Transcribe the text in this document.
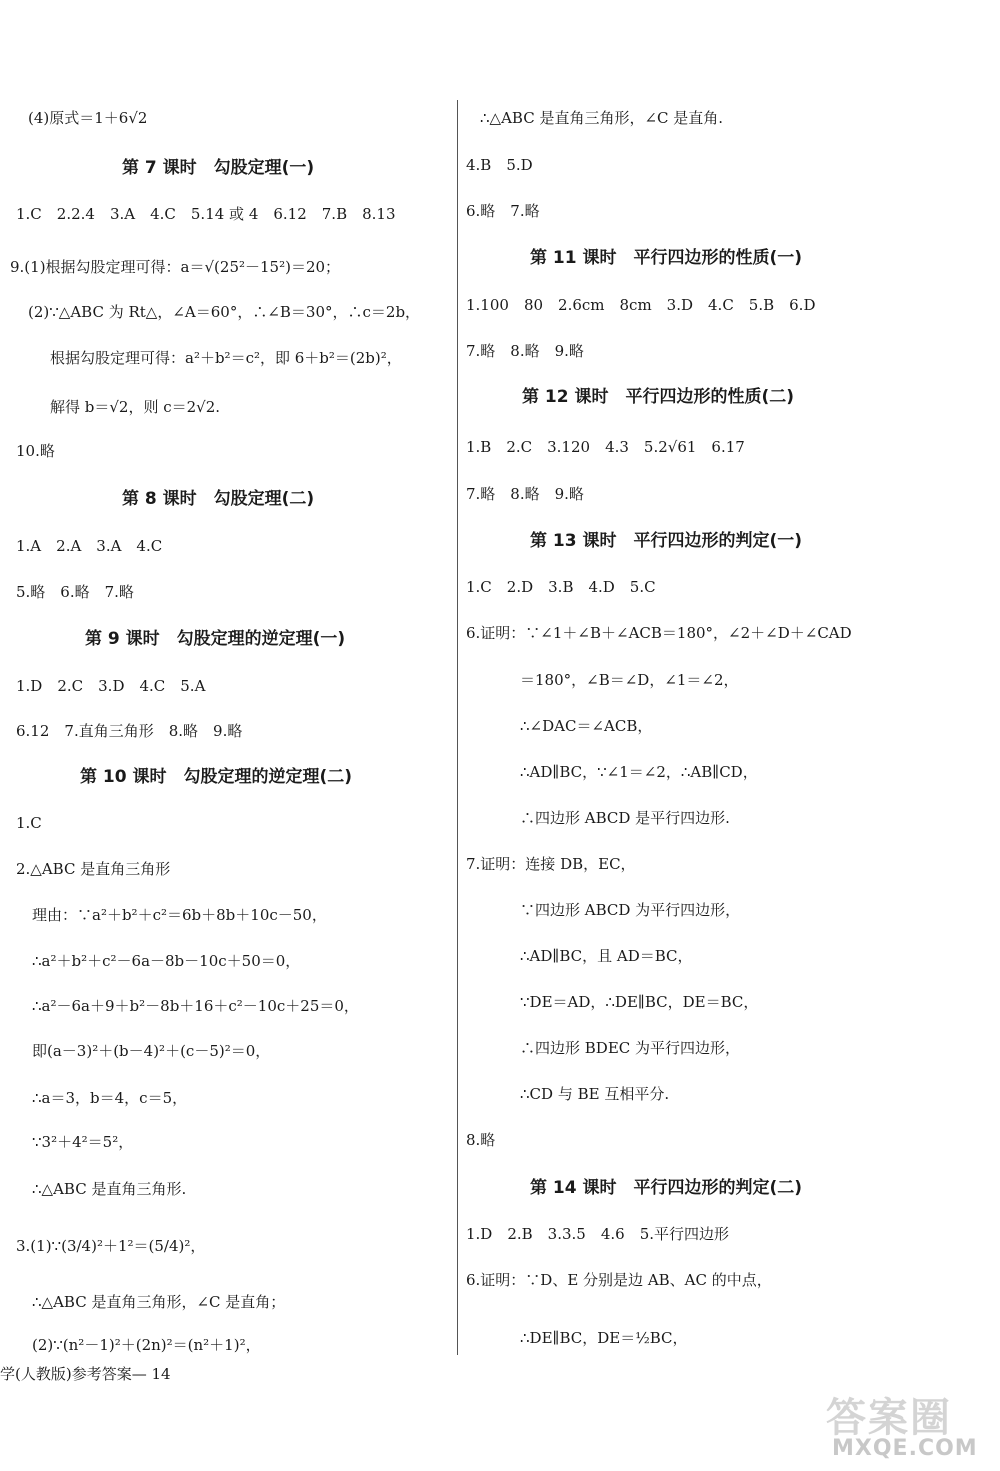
(4)原式＝1＋6√2
第 7 课时　勾股定理(一)
1.C　2.2.4　3.A　4.C　5.14 或 4　6.12　7.B　8.13
9.(1)根据勾股定理可得：a＝√(25²－15²)＝20；
(2)∵△ABC 为 Rt△，∠A＝60°，∴∠B＝30°，∴c＝2b，
根据勾股定理可得：a²＋b²＝c²，即 6＋b²＝(2b)²，
解得 b＝√2，则 c＝2√2.
10.略
第 8 课时　勾股定理(二)
1.A　2.A　3.A　4.C
5.略　6.略　7.略
第 9 课时　勾股定理的逆定理(一)
1.D　2.C　3.D　4.C　5.A
6.12　7.直角三角形　8.略　9.略
第 10 课时　勾股定理的逆定理(二)
1.C
2.△ABC 是直角三角形
理由：∵a²＋b²＋c²＝6b＋8b＋10c－50，
∴a²＋b²＋c²－6a－8b－10c＋50＝0，
∴a²－6a＋9＋b²－8b＋16＋c²－10c＋25＝0，
即(a－3)²＋(b－4)²＋(c－5)²＝0，
∴a＝3，b＝4，c＝5，
∵3²＋4²＝5²，
∴△ABC 是直角三角形.
3.(1)∵(3/4)²＋1²＝(5/4)²，
∴△ABC 是直角三角形，∠C 是直角；
(2)∵(n²－1)²＋(2n)²＝(n²＋1)²，
∴△ABC 是直角三角形，∠C 是直角.
4.B　5.D
6.略　7.略
第 11 课时　平行四边形的性质(一)
1.100　80　2.6cm　8cm　3.D　4.C　5.B　6.D
7.略　8.略　9.略
第 12 课时　平行四边形的性质(二)
1.B　2.C　3.120　4.3　5.2√61　6.17
7.略　8.略　9.略
第 13 课时　平行四边形的判定(一)
1.C　2.D　3.B　4.D　5.C
6.证明：∵∠1＋∠B＋∠ACB＝180°，∠2＋∠D＋∠CAD
＝180°，∠B＝∠D，∠1＝∠2，
∴∠DAC＝∠ACB，
∴AD∥BC，∵∠1＝∠2，∴AB∥CD，
∴四边形 ABCD 是平行四边形.
7.证明：连接 DB，EC，
∵四边形 ABCD 为平行四边形，
∴AD∥BC，且 AD＝BC，
∵DE＝AD，∴DE∥BC，DE＝BC，
∴四边形 BDEC 为平行四边形，
∴CD 与 BE 互相平分.
8.略
第 14 课时　平行四边形的判定(二)
1.D　2.B　3.3.5　4.6　5.平行四边形
6.证明：∵D、E 分别是边 AB、AC 的中点，
∴DE∥BC，DE＝½BC，
学(人教版)参考答案— 14
答案圈
MXQE.COM
